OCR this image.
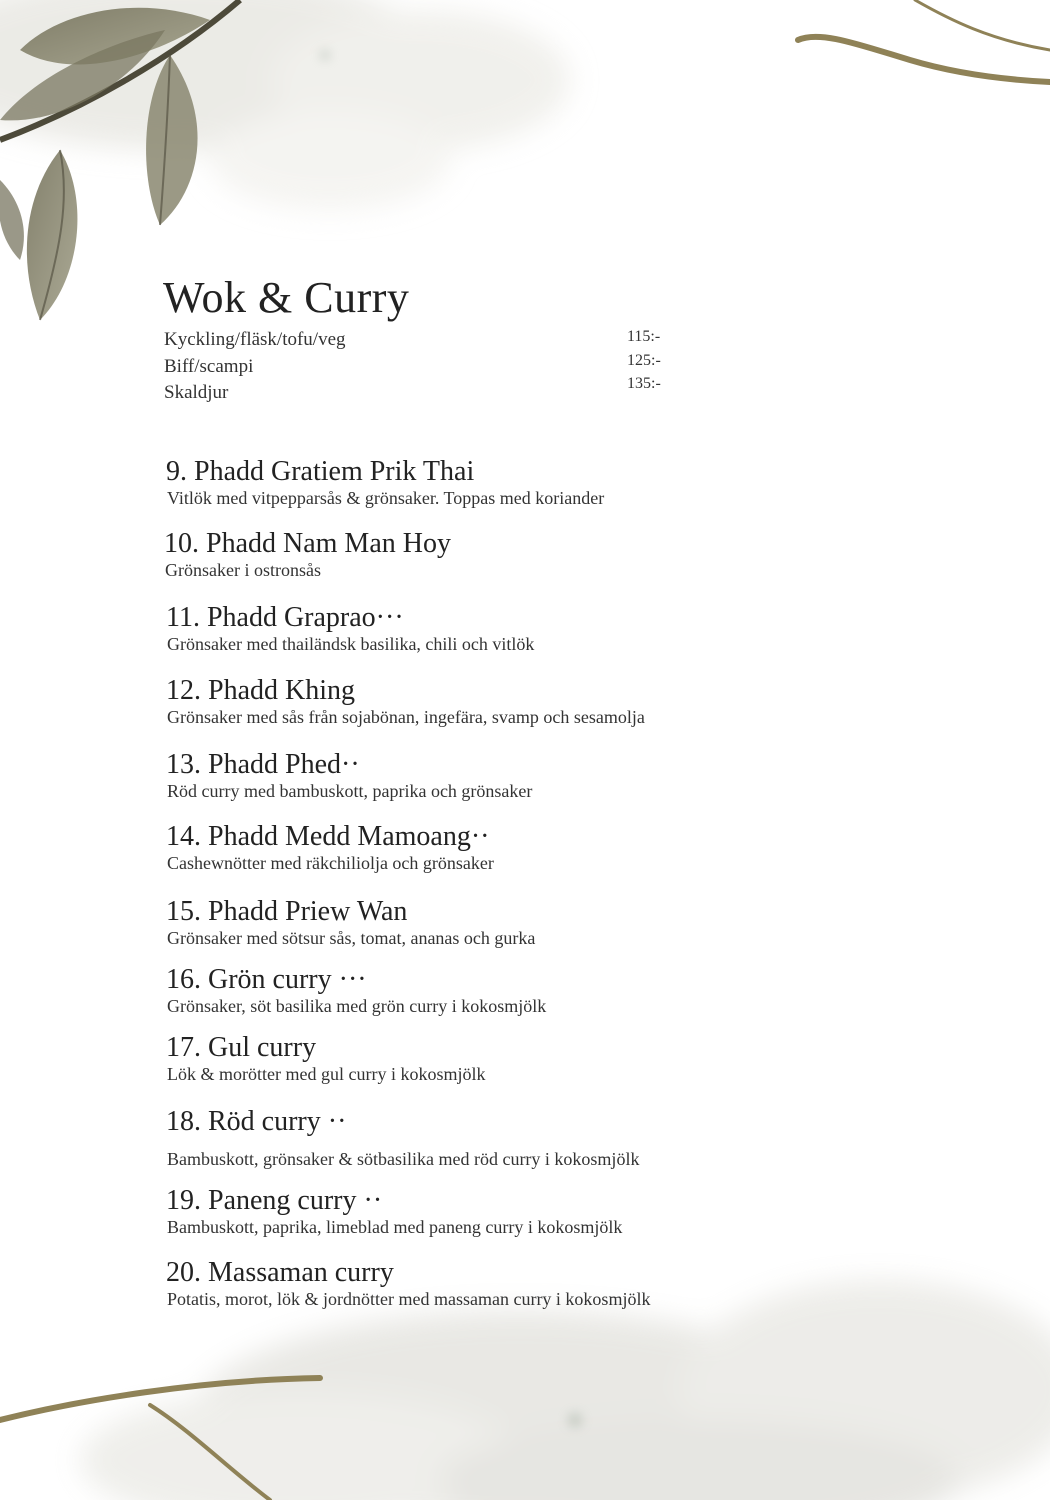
Wok & Curry
Kyckling/fläsk/tofu/veg
Biff/scampi
Skaldjur
115:-
125:-
135:-
9. Phadd Gratiem Prik Thai
Vitlök med vitpepparsås & grönsaker. Toppas med koriander
10. Phadd Nam Man Hoy
Grönsaker i ostronsås
11. Phadd Graprao···
Grönsaker med thailändsk basilika, chili och vitlök
12. Phadd Khing
Grönsaker med sås från sojabönan, ingefära, svamp och sesamolja
13. Phadd Phed··
Röd curry med bambuskott, paprika och grönsaker
14. Phadd Medd Mamoang··
Cashewnötter med räkchiliolja och grönsaker
15. Phadd Priew Wan
Grönsaker med sötsur sås, tomat, ananas och gurka
16. Grön curry ···
Grönsaker, söt basilika med grön curry i kokosmjölk
17. Gul curry
Lök & morötter med gul curry i kokosmjölk
18. Röd curry ··
Bambuskott, grönsaker & sötbasilika med röd curry i kokosmjölk
19. Paneng curry ··
Bambuskott, paprika, limeblad med paneng curry i kokosmjölk
20. Massaman curry
Potatis, morot, lök & jordnötter med massaman curry i kokosmjölk
